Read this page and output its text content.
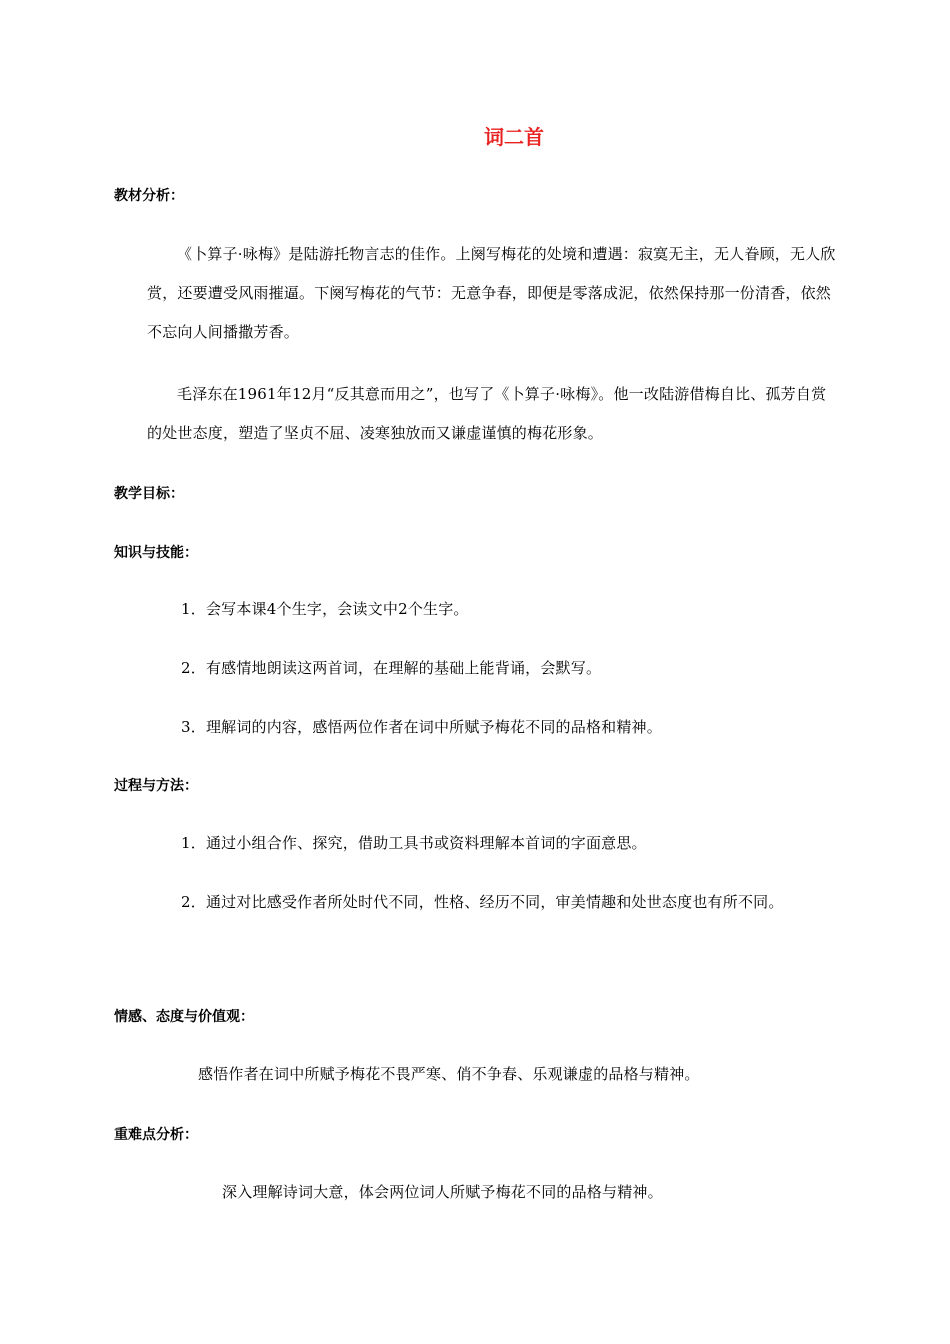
词二首
教材分析：
《卜算子·咏梅》是陆游托物言志的佳作。上阕写梅花的处境和遭遇：寂寞无主，无人眷顾，无人欣赏，还要遭受风雨摧逼。下阕写梅花的气节：无意争春，即便是零落成泥，依然保持那一份清香，依然不忘向人间播撒芳香。
毛泽东在1961年12月“反其意而用之”，也写了《卜算子·咏梅》。他一改陆游借梅自比、孤芳自赏的处世态度，塑造了坚贞不屈、凌寒独放而又谦虚谨慎的梅花形象。
教学目标：
知识与技能：
1．会写本课4个生字，会读文中2个生字。
2．有感情地朗读这两首词，在理解的基础上能背诵，会默写。
3．理解词的内容，感悟两位作者在词中所赋予梅花不同的品格和精神。
过程与方法：
1．通过小组合作、探究，借助工具书或资料理解本首词的字面意思。
2．通过对比感受作者所处时代不同，性格、经历不同，审美情趣和处世态度也有所不同。
情感、态度与价值观：
感悟作者在词中所赋予梅花不畏严寒、俏不争春、乐观谦虚的品格与精神。
重难点分析：
深入理解诗词大意，体会两位词人所赋予梅花不同的品格与精神。
